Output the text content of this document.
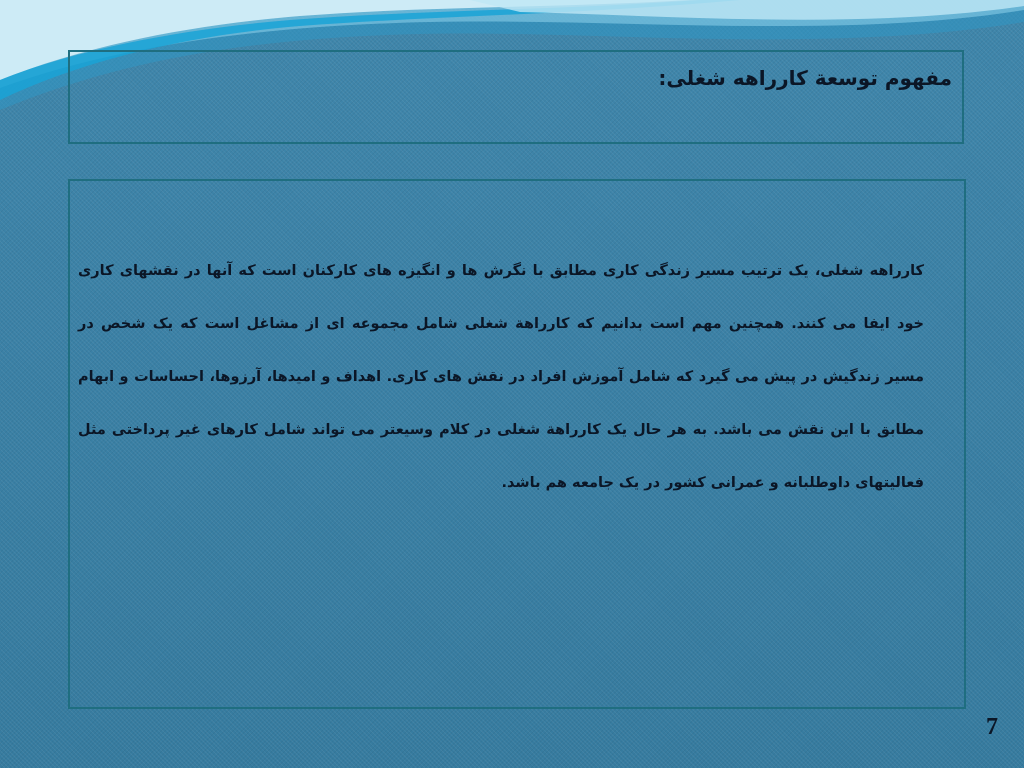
مفهوم توسعة کارراهه شغلی:

کارراهه شغلی، یک ترتیب مسیر زندگی کاری مطابق با نگرش ها و انگیزه های کارکنان است که آنها در نقشهای کاری خود ایفا می کنند. همچنین مهم است بدانیم که کارراهة شغلی شامل مجموعه ای از مشاغل است که یک شخص در مسیر زندگیش در پیش می گیرد که شامل آموزش افراد در نقش های کاری. اهداف و امیدها، آرزوها، احساسات و ابهام مطابق با این نقش می باشد. به هر حال یک کارراهة شغلی در کلام وسیعتر می تواند شامل کارهای غیر پرداختی مثل فعالیتهای داوطلبانه و عمرانی کشور در یک جامعه هم باشد.

7
